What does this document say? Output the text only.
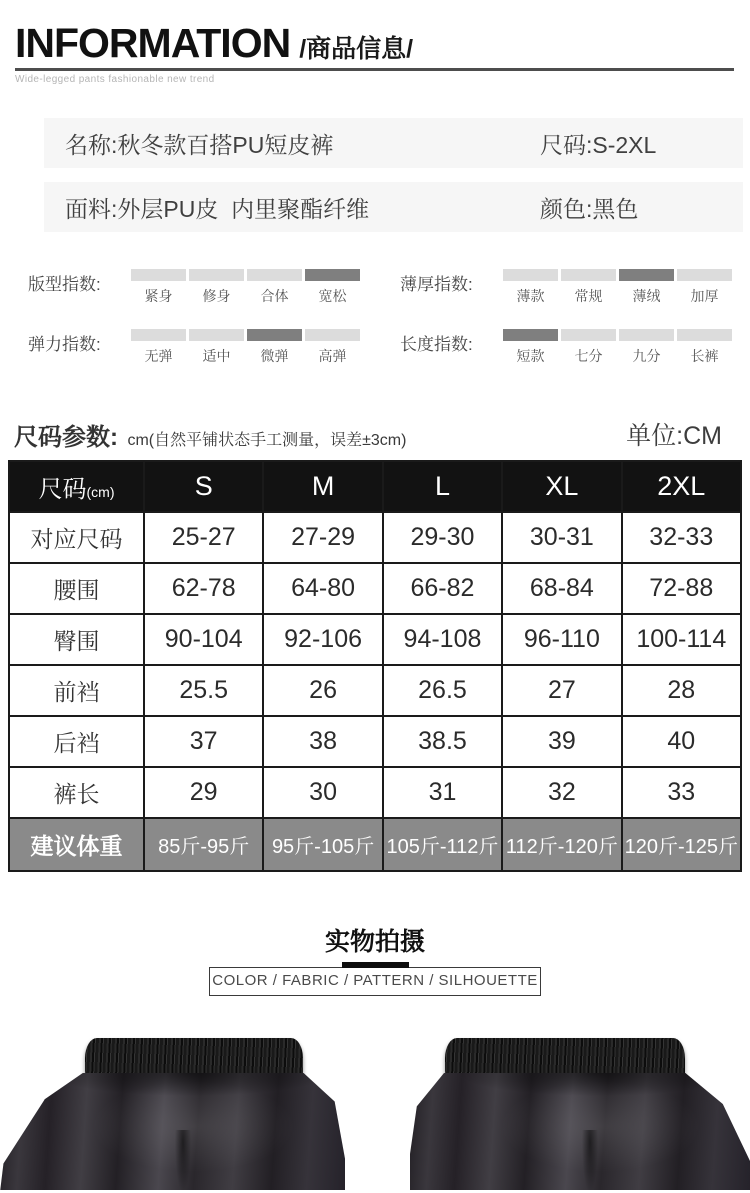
INFORMATION /商品信息/
Wide-legged pants fashionable new trend
名称:秋冬款百搭PU短皮裤	尺码:S-2XL
面料:外层PU皮  内里聚酯纤维	颜色:黑色
版型指数:
紧身	修身	合体	宽松
弹力指数:
无弹	适中	微弹	高弹
薄厚指数:
薄款	常规	薄绒	加厚
长度指数:
短款	七分	九分	长裤
尺码参数: cm(自然平铺状态手工测量，误差±3cm)	单位:CM
尺码(cm)	S	M	L	XL	2XL
对应尺码	25-27	27-29	29-30	30-31	32-33
腰围	62-78	64-80	66-82	68-84	72-88
臀围	90-104	92-106	94-108	96-110	100-114
前裆	25.5	26	26.5	27	28
后裆	37	38	38.5	39	40
裤长	29	30	31	32	33
建议体重	85斤-95斤	95斤-105斤	105斤-112斤	112斤-120斤	120斤-125斤
实物拍摄
COLOR / FABRIC / PATTERN / SILHOUETTE
